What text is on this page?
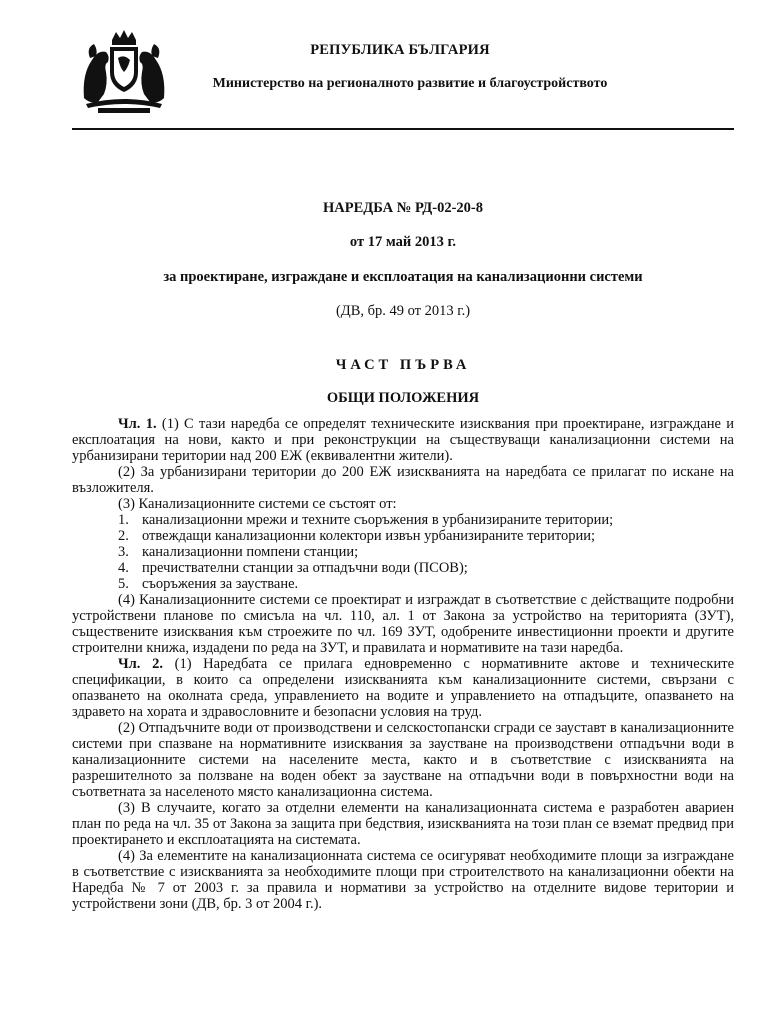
РЕПУБЛИКА БЪЛГАРИЯ
Министерство на регионалното развитие и благоустройството

НАРЕДБА № РД-02-20-8

от 17 май 2013 г.

за проектиране, изграждане и експлоатация на канализационни системи

(ДВ, бр. 49 от 2013 г.)

ЧАСТ ПЪРВА

ОБЩИ ПОЛОЖЕНИЯ

Чл. 1. (1) С тази наредба се определят техническите изисквания при проектиране, изграждане и експлоатация на нови, както и при реконструкции на съществуващи канализационни системи на урбанизирани територии над 200 ЕЖ (еквивалентни жители).

(2) За урбанизирани територии до 200 ЕЖ изискванията на наредбата се прилагат по искане на възложителя.

(3) Канализационните системи се състоят от:

1. канализационни мрежи и техните съоръжения в урбанизираните територии;

2. отвеждащи канализационни колектори извън урбанизираните територии;

3. канализационни помпени станции;

4. пречиствателни станции за отпадъчни води (ПСОВ);

5. съоръжения за заустване.

(4) Канализационните системи се проектират и изграждат в съответствие с действащите подробни устройствени планове по смисъла на чл. 110, ал. 1 от Закона за устройство на територията (ЗУТ), съществените изисквания към строежите по чл. 169 ЗУТ, одобрените инвестиционни проекти и другите строителни книжа, издадени по реда на ЗУТ, и правилата и нормативите на тази наредба.

Чл. 2. (1) Наредбата се прилага едновременно с нормативните актове и техническите спецификации, в които са определени изискванията към канализационните системи, свързани с опазването на околната среда, управлението на водите и управлението на отпадъците, опазването на здравето на хората и здравословните и безопасни условия на труд.

(2) Отпадъчните води от производствени и селскостопански сгради се зауставт в канализационните системи при спазване на нормативните изисквания за заустване на производствени отпадъчни води в канализационните системи на населените места, както и в съответствие с изискванията на разрешителното за ползване на воден обект за заустване на отпадъчни води в повърхностни води на съответната за населеното място канализационна система.

(3) В случаите, когато за отделни елементи на канализационната система е разработен авариен план по реда на чл. 35 от Закона за защита при бедствия, изискванията на този план се вземат предвид при проектирането и експлоатацията на системата.

(4) За елементите на канализационната система се осигуряват необходимите площи за изграждане в съответствие с изискванията за необходимите площи при строителството на канализационни обекти на Наредба № 7 от 2003 г. за правила и нормативи за устройство на отделните видове територии и устройствени зони (ДВ, бр. 3 от 2004 г.).
